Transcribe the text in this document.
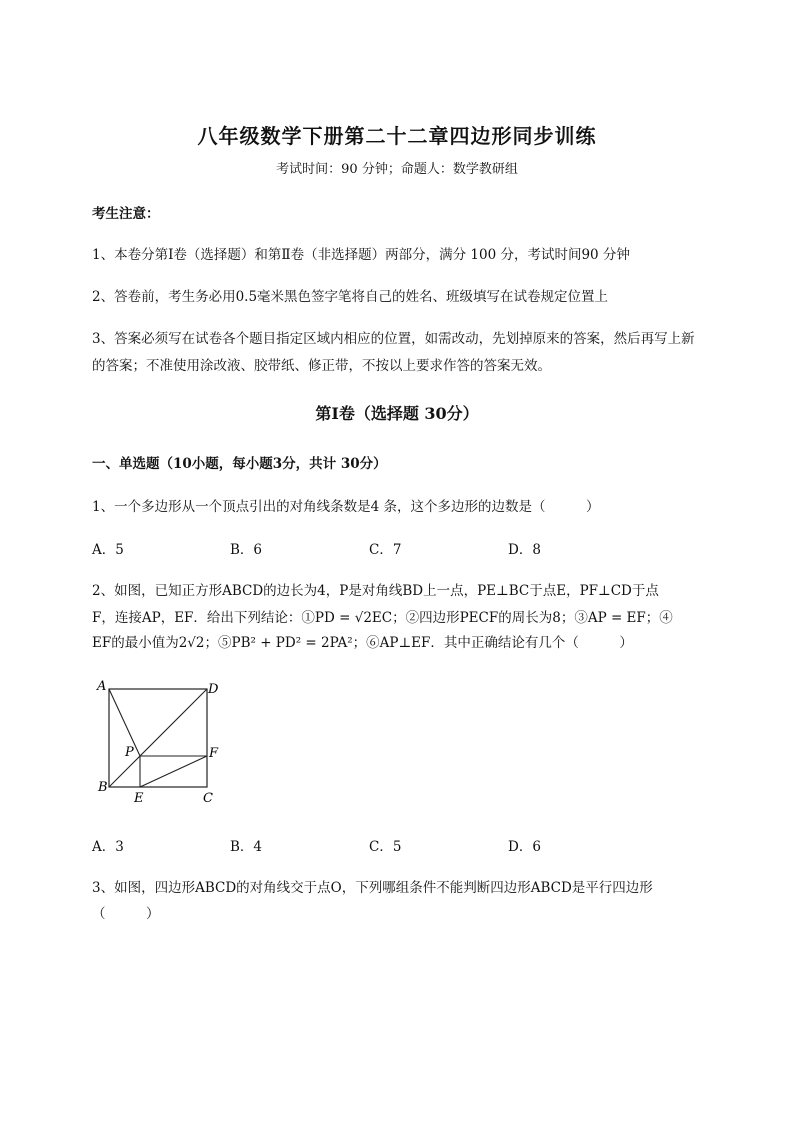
八年级数学下册第二十二章四边形同步训练
考试时间：90 分钟；命题人：数学教研组
考生注意：
1、本卷分第Ⅰ卷（选择题）和第Ⅱ卷（非选择题）两部分，满分 100 分，考试时间90 分钟
2、答卷前，考生务必用0.5毫米黑色签字笔将自己的姓名、班级填写在试卷规定位置上
3、答案必须写在试卷各个题目指定区域内相应的位置，如需改动，先划掉原来的答案，然后再写上新
的答案；不准使用涂改液、胶带纸、修正带，不按以上要求作答的答案无效。
第Ⅰ卷（选择题 30分）
一、单选题（10小题，每小题3分，共计 30分）
1、一个多边形从一个顶点引出的对角线条数是4 条，这个多边形的边数是（　　　）
A．5	B．6	C．7	D．8
2、如图，已知正方形ABCD的边长为4，P是对角线BD上一点，PE⊥BC于点E，PF⊥CD于点
F，连接AP，EF．给出下列结论：①PD = √2EC；②四边形PECF的周长为8；③AP = EF；④
EF的最小值为2√2；⑤PB² + PD² = 2PA²；⑥AP⊥EF．其中正确结论有几个（　　　）
A	D
P	F
B
E	C
A．3	B．4	C．5	D．6
3、如图，四边形ABCD的对角线交于点O，下列哪组条件不能判断四边形ABCD是平行四边形
（　　　）
